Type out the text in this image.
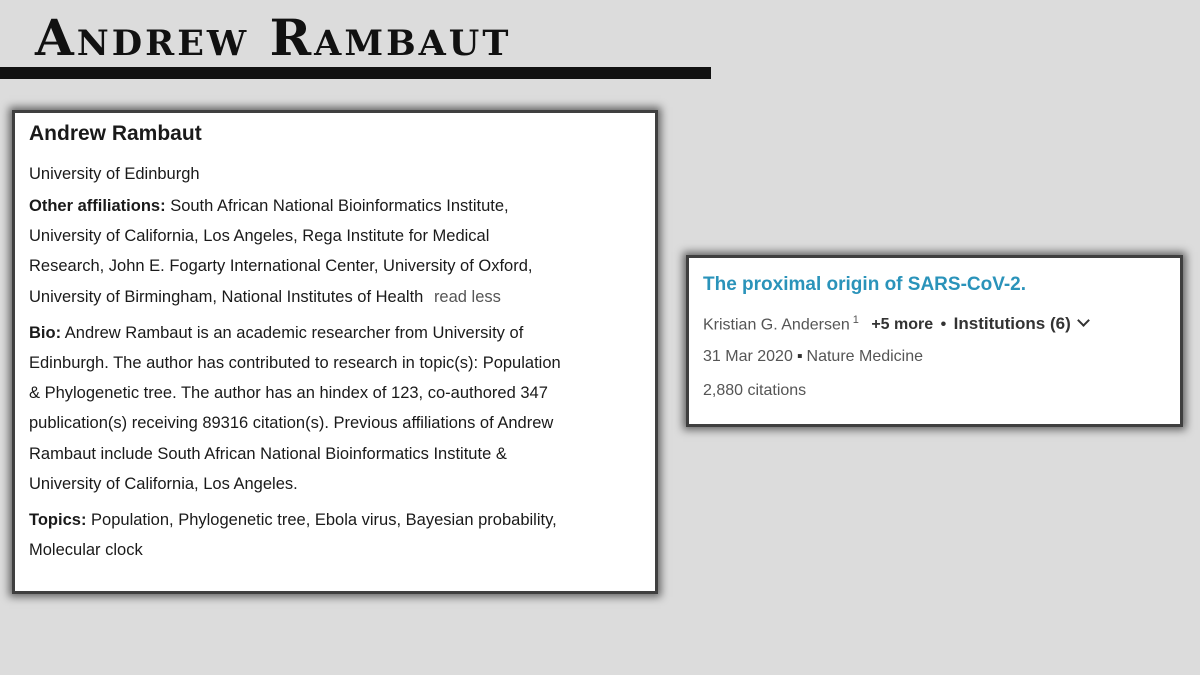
Andrew Rambaut
Andrew Rambaut
University of Edinburgh
Other affiliations: South African National Bioinformatics Institute,
University of California, Los Angeles, Rega Institute for Medical
Research, John E. Fogarty International Center, University of Oxford,
University of Birmingham, National Institutes of Health read less
Bio: Andrew Rambaut is an academic researcher from University of
Edinburgh. The author has contributed to research in topic(s): Population
& Phylogenetic tree. The author has an hindex of 123, co-authored 347
publication(s) receiving 89316 citation(s). Previous affiliations of Andrew
Rambaut include South African National Bioinformatics Institute &
University of California, Los Angeles.
Topics: Population, Phylogenetic tree, Ebola virus, Bayesian probability,
Molecular clock
The proximal origin of SARS-CoV-2.
Kristian G. Andersen $^1$ +5 more • Institutions (6)
31 Mar 2020 ▪ Nature Medicine
2,880 citations
